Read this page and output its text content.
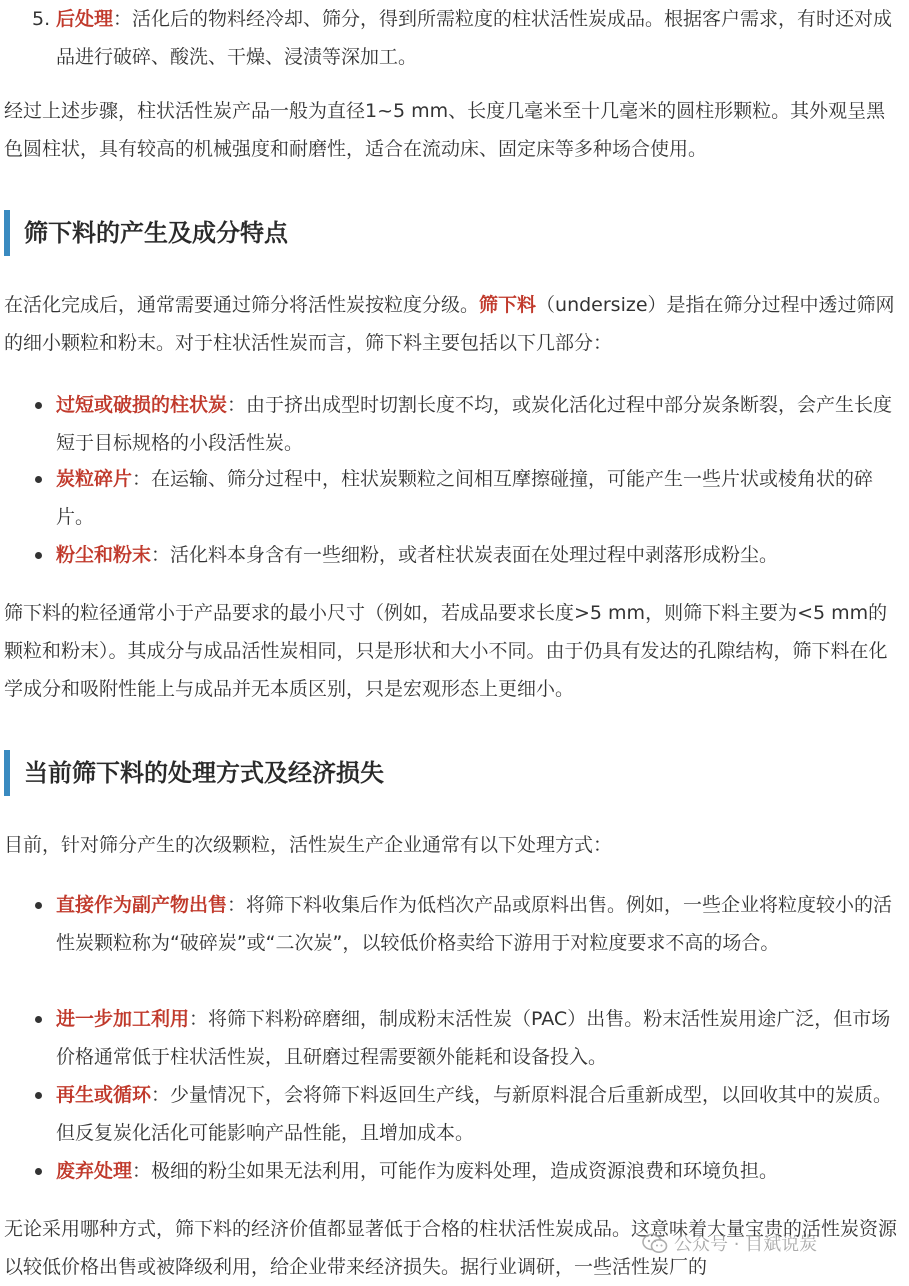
5. 后处理：活化后的物料经冷却、筛分，得到所需粒度的柱状活性炭成品。根据客户需求，有时还对成品进行破碎、酸洗、干燥、浸渍等深加工。

经过上述步骤，柱状活性炭产品一般为直径1~5 mm、长度几毫米至十几毫米的圆柱形颗粒。其外观呈黑色圆柱状，具有较高的机械强度和耐磨性，适合在流动床、固定床等多种场合使用。

筛下料的产生及成分特点

在活化完成后，通常需要通过筛分将活性炭按粒度分级。筛下料（undersize）是指在筛分过程中透过筛网的细小颗粒和粉末。对于柱状活性炭而言，筛下料主要包括以下几部分：

过短或破损的柱状炭：由于挤出成型时切割长度不均，或炭化活化过程中部分炭条断裂，会产生长度短于目标规格的小段活性炭。
炭粒碎片：在运输、筛分过程中，柱状炭颗粒之间相互摩擦碰撞，可能产生一些片状或棱角状的碎片。
粉尘和粉末：活化料本身含有一些细粉，或者柱状炭表面在处理过程中剥落形成粉尘。

筛下料的粒径通常小于产品要求的最小尺寸（例如，若成品要求长度>5 mm，则筛下料主要为<5 mm的颗粒和粉末）。其成分与成品活性炭相同，只是形状和大小不同。由于仍具有发达的孔隙结构，筛下料在化学成分和吸附性能上与成品并无本质区别，只是宏观形态上更细小。

当前筛下料的处理方式及经济损失

目前，针对筛分产生的次级颗粒，活性炭生产企业通常有以下处理方式：

直接作为副产物出售：将筛下料收集后作为低档次产品或原料出售。例如，一些企业将粒度较小的活性炭颗粒称为“破碎炭”或“二次炭”，以较低价格卖给下游用于对粒度要求不高的场合。
进一步加工利用：将筛下料粉碎磨细，制成粉末活性炭（PAC）出售。粉末活性炭用途广泛，但市场价格通常低于柱状活性炭，且研磨过程需要额外能耗和设备投入。
再生或循环：少量情况下，会将筛下料返回生产线，与新原料混合后重新成型，以回收其中的炭质。但反复炭化活化可能影响产品性能，且增加成本。
废弃处理：极细的粉尘如果无法利用，可能作为废料处理，造成资源浪费和环境负担。

无论采用哪种方式，筛下料的经济价值都显著低于合格的柱状活性炭成品。这意味着大量宝贵的活性炭资源以较低价格出售或被降级利用，给企业带来经济损失。据行业调研，一些活性炭厂的

公众号 · 目斌说炭
